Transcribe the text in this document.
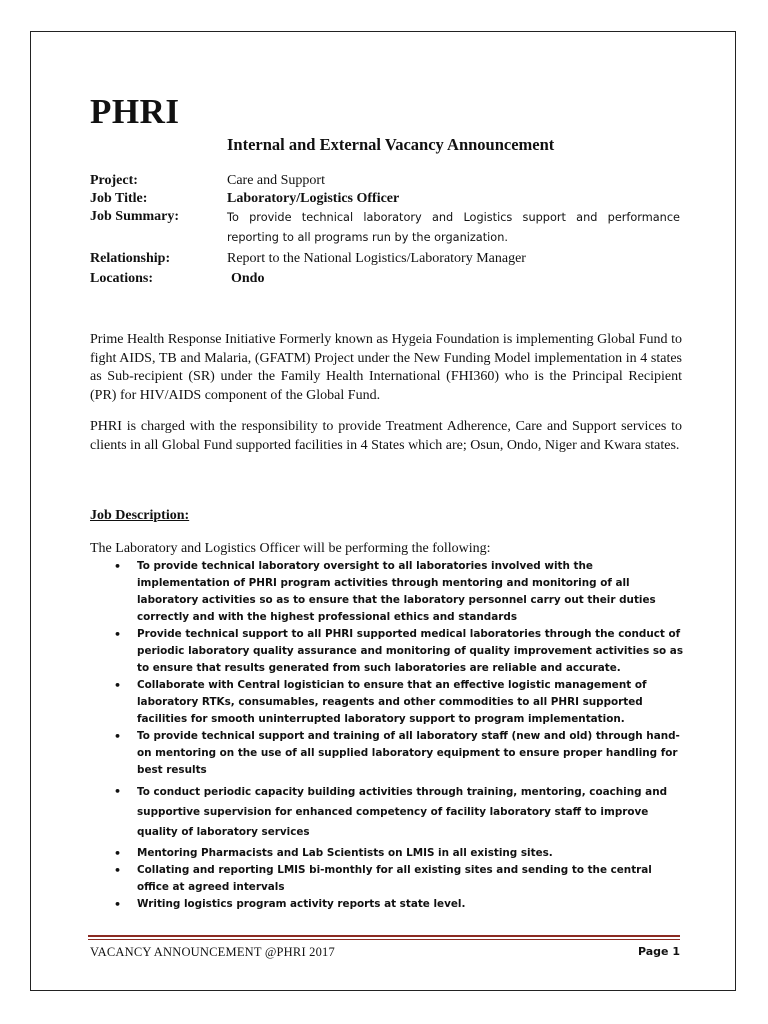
PHRI
Internal and External Vacancy Announcement
Project:	Care and Support
Job Title:	Laboratory/Logistics Officer
Job Summary:	To provide technical laboratory and Logistics support and performance reporting to all programs run by the organization.
Relationship:	Report to the National Logistics/Laboratory Manager
Locations:	Ondo
Prime Health Response Initiative Formerly known as Hygeia Foundation is implementing Global Fund to fight AIDS, TB and Malaria, (GFATM) Project under the New Funding Model implementation in 4 states as Sub-recipient (SR) under the Family Health International (FHI360) who is the Principal Recipient (PR) for HIV/AIDS component of the Global Fund.
PHRI is charged with the responsibility to provide Treatment Adherence, Care and Support services to clients in all Global Fund supported facilities in 4 States which are; Osun, Ondo, Niger and Kwara states.
Job Description:
The Laboratory and Logistics Officer will be performing the following:
• To provide technical laboratory oversight to all laboratories involved with the implementation of PHRI program activities through mentoring and monitoring of all laboratory activities so as to ensure that the laboratory personnel carry out their duties correctly and with the highest professional ethics and standards
• Provide technical support to all PHRI supported medical laboratories through the conduct of periodic laboratory quality assurance and monitoring of quality improvement activities so as to ensure that results generated from such laboratories are reliable and accurate.
• Collaborate with Central logistician to ensure that an effective logistic management of laboratory RTKs, consumables, reagents and other commodities to all PHRI supported facilities for smooth uninterrupted laboratory support to program implementation.
• To provide technical support and training of all laboratory staff (new and old) through hand-on mentoring on the use of all supplied laboratory equipment to ensure proper handling for best results
• To conduct periodic capacity building activities through training, mentoring, coaching and supportive supervision for enhanced competency of facility laboratory staff to improve quality of laboratory services
• Mentoring Pharmacists and Lab Scientists on LMIS in all existing sites.
• Collating and reporting LMIS bi-monthly for all existing sites and sending to the central office at agreed intervals
• Writing logistics program activity reports at state level.
VACANCY ANNOUNCEMENT @PHRI 2017	Page 1
